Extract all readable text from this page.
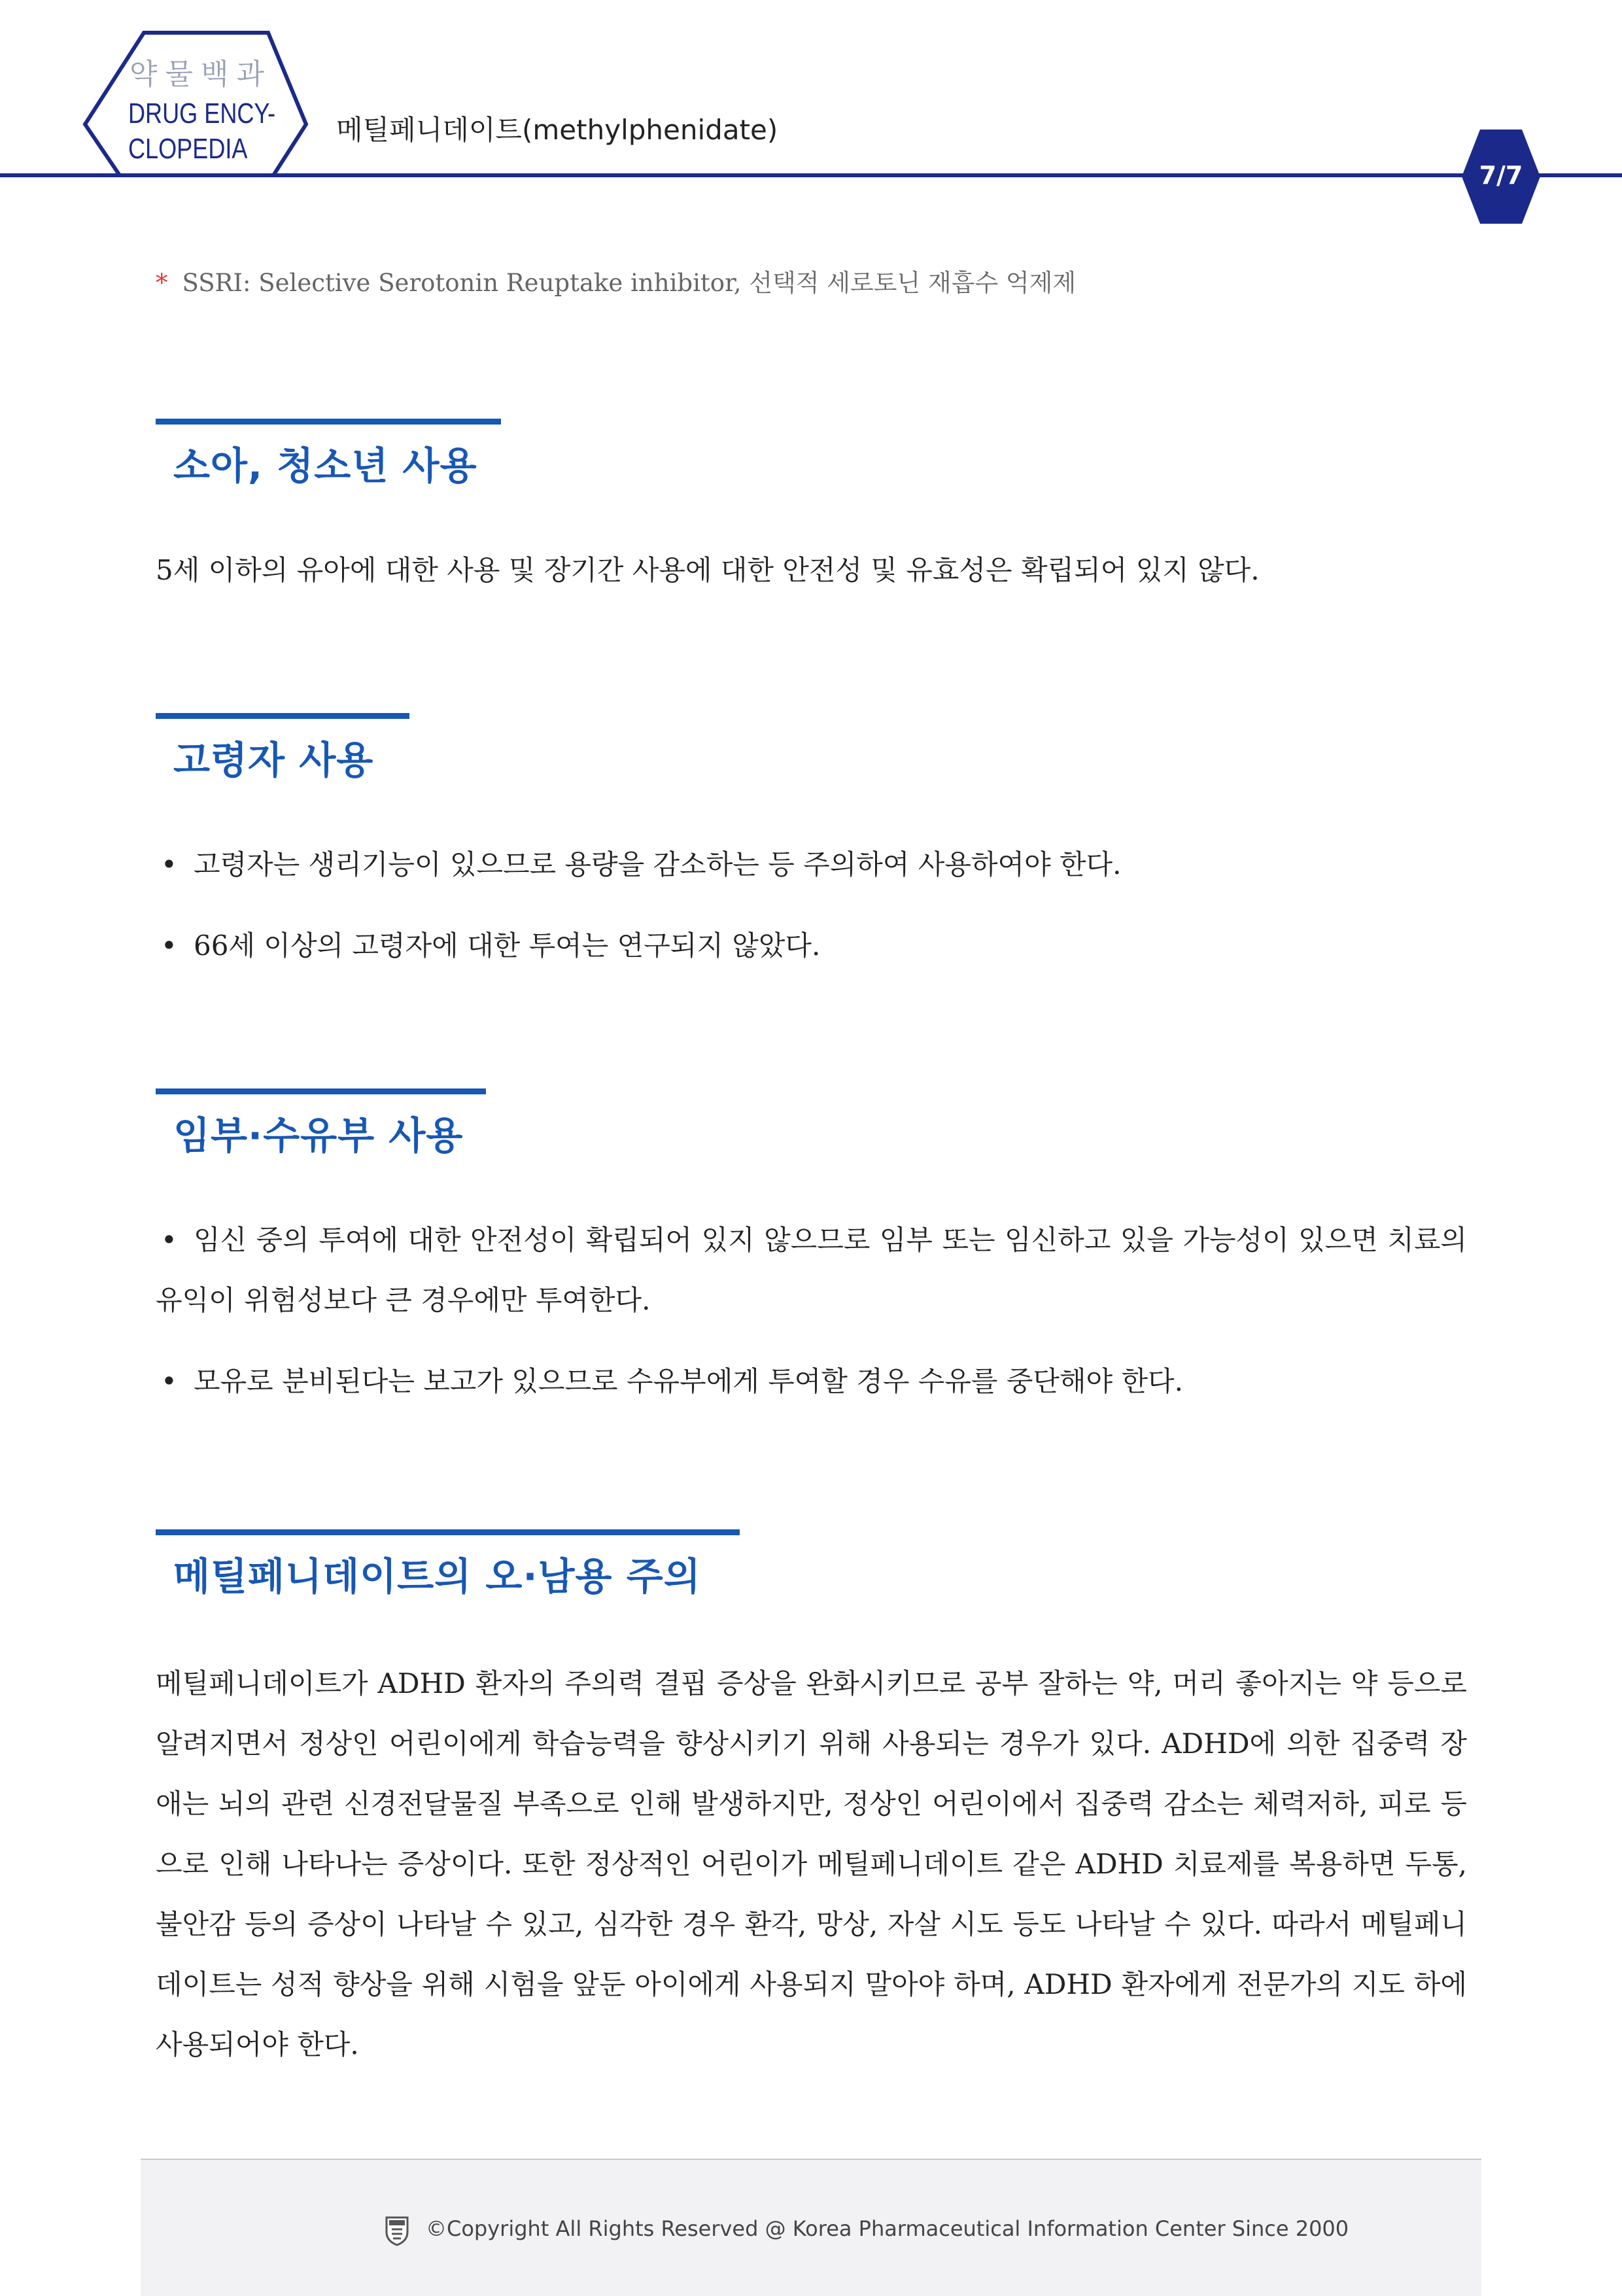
약물백과
DRUG ENCY-
CLOPEDIA
메틸페니데이트(methylphenidate)
7/7
* SSRI: Selective Serotonin Reuptake inhibitor, 선택적 세로토닌 재흡수 억제제
소아, 청소년 사용
5세 이하의 유아에 대한 사용 및 장기간 사용에 대한 안전성 및 유효성은 확립되어 있지 않다.
고령자 사용
• 고령자는 생리기능이 있으므로 용량을 감소하는 등 주의하여 사용하여야 한다.
• 66세 이상의 고령자에 대한 투여는 연구되지 않았다.
임부·수유부 사용
• 임신 중의 투여에 대한 안전성이 확립되어 있지 않으므로 임부 또는 임신하고 있을 가능성이 있으면 치료의 유익이 위험성보다 큰 경우에만 투여한다.
• 모유로 분비된다는 보고가 있으므로 수유부에게 투여할 경우 수유를 중단해야 한다.
메틸페니데이트의 오·남용 주의
메틸페니데이트가 ADHD 환자의 주의력 결핍 증상을 완화시키므로 공부 잘하는 약, 머리 좋아지는 약 등으로 알려지면서 정상인 어린이에게 학습능력을 향상시키기 위해 사용되는 경우가 있다. ADHD에 의한 집중력 장애는 뇌의 관련 신경전달물질 부족으로 인해 발생하지만, 정상인 어린이에서 집중력 감소는 체력저하, 피로 등으로 인해 나타나는 증상이다. 또한 정상적인 어린이가 메틸페니데이트 같은 ADHD 치료제를 복용하면 두통, 불안감 등의 증상이 나타날 수 있고, 심각한 경우 환각, 망상, 자살 시도 등도 나타날 수 있다. 따라서 메틸페니데이트는 성적 향상을 위해 시험을 앞둔 아이에게 사용되지 말아야 하며, ADHD 환자에게 전문가의 지도 하에 사용되어야 한다.
©Copyright All Rights Reserved @ Korea Pharmaceutical Information Center Since 2000
